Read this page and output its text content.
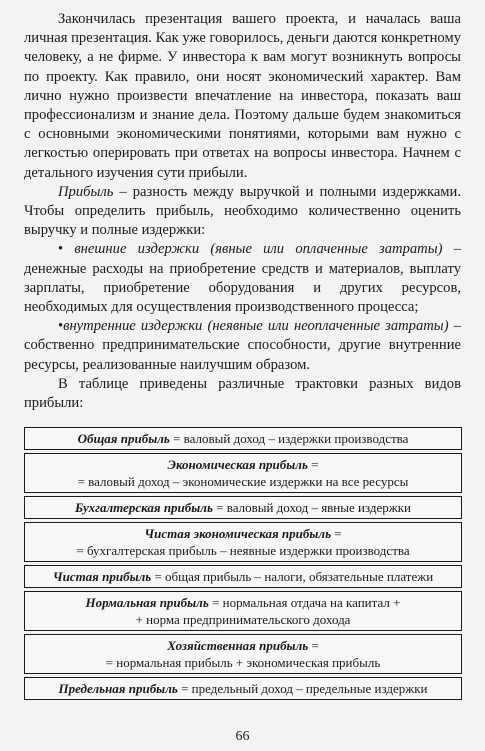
Закончилась презентация вашего проекта, и началась ваша личная презентация. Как уже говорилось, деньги даются конкретному человеку, а не фирме. У инвестора к вам могут возникнуть вопросы по проекту. Как правило, они носят экономический характер. Вам лично нужно произвести впечатление на инвестора, показать ваш профессионализм и знание дела. Поэтому дальше будем знакомиться с основными экономическими понятиями, которыми вам нужно с легкостью оперировать при ответах на вопросы инвестора. Начнем с детального изучения сути прибыли.

Прибыль – разность между выручкой и полными издержками. Чтобы определить прибыль, необходимо количественно оценить выручку и полные издержки:

• внешние издержки (явные или оплаченные затраты) – денежные расходы на приобретение средств и материалов, выплату зарплаты, приобретение оборудования и других ресурсов, необходимых для осуществления производственного процесса;

•внутренние издержки (неявные или неоплаченные затраты) – собственно предпринимательские способности, другие внутренние ресурсы, реализованные наилучшим образом.

В таблице приведены различные трактовки разных видов прибыли:

Общая прибыль = валовый доход – издержки производства
Экономическая прибыль =
= валовый доход – экономические издержки на все ресурсы
Бухгалтерская прибыль = валовый доход – явные издержки
Чистая экономическая прибыль =
= бухгалтерская прибыль – неявные издержки производства
Чистая прибыль = общая прибыль – налоги, обязательные платежи
Нормальная прибыль = нормальная отдача на капитал +
+ норма предпринимательского дохода
Хозяйственная прибыль =
= нормальная прибыль + экономическая прибыль
Предельная прибыль = предельный доход – предельные издержки
66
